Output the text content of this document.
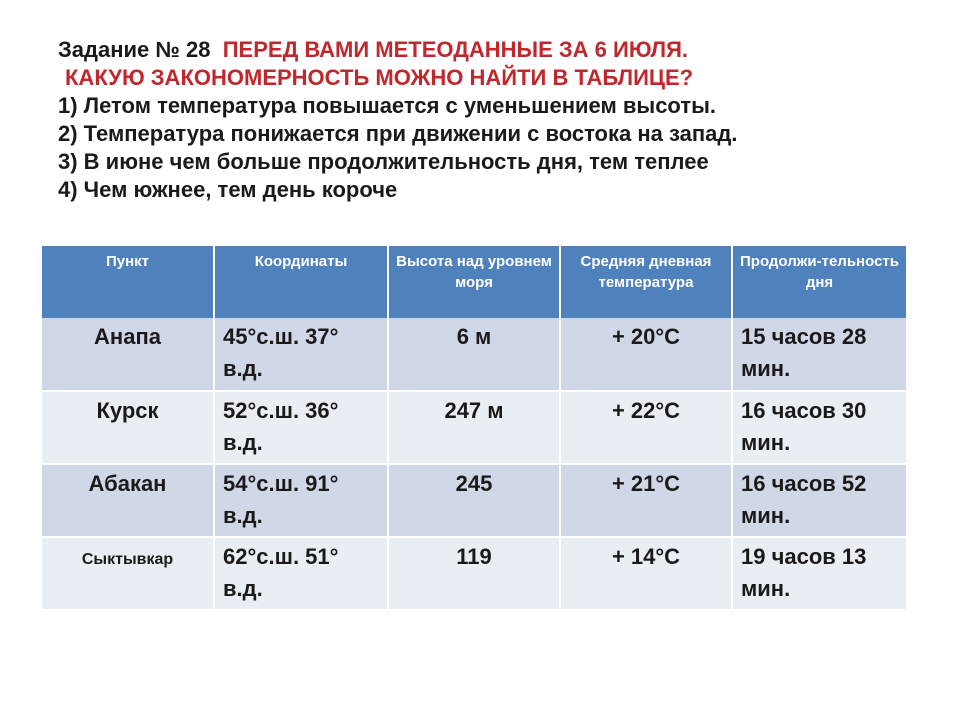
Задание № 28 ПЕРЕД ВАМИ МЕТЕОДАННЫЕ ЗА 6 ИЮЛЯ.
КАКУЮ ЗАКОНОМЕРНОСТЬ МОЖНО НАЙТИ В ТАБЛИЦЕ?
1) Летом температура повышается с уменьшением высоты.
2) Температура понижается при движении с востока на запад.
3) В июне чем больше продолжительность дня, тем теплее
4) Чем южнее, тем день короче
Пункт	Координаты	Высота над уровнем моря	Средняя дневная температура	Продолжи-тельность дня
Анапа	45°с.ш. 37° в.д.	6 м	+ 20°С	15 часов 28 мин.
Курск	52°с.ш. 36° в.д.	247 м	+ 22°С	16 часов 30 мин.
Абакан	54°с.ш. 91° в.д.	245	+ 21°С	16 часов 52 мин.
Сыктывкар	62°с.ш. 51° в.д.	119	+ 14°С	19 часов 13 мин.
